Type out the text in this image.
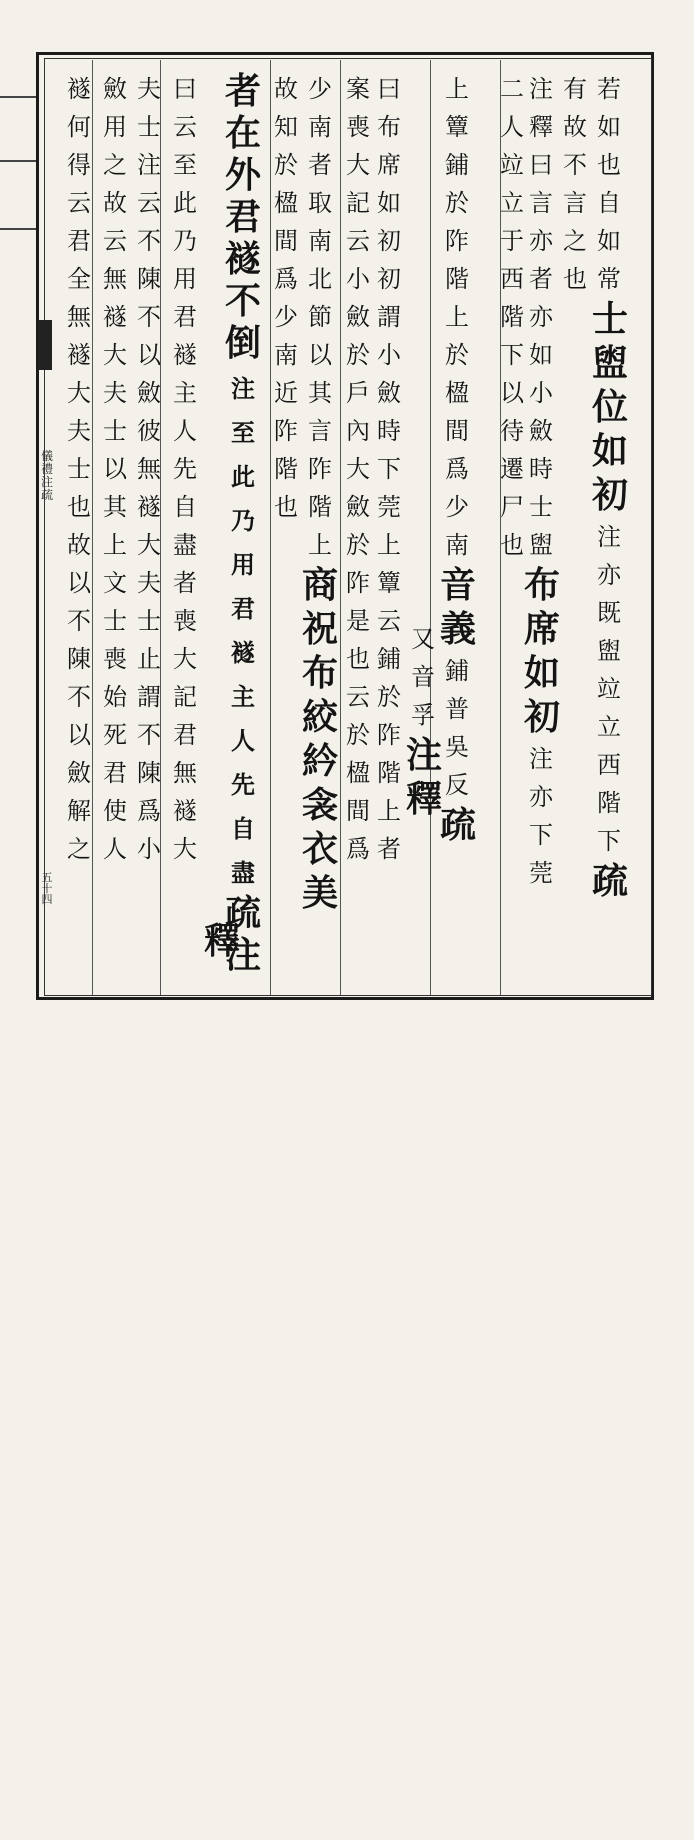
儀禮注疏
五十四
若如也自如常 士盥位如初 注亦既盥竝立西階下 疏
有故不言之也
注釋曰言亦者亦如小斂時士盥 布席如初 注亦下莞
二人竝立于西階下以待遷尸也
上簟鋪於阼階上於楹間爲少南 音義 鋪普吳反 疏
又音孚 注釋
曰布席如初初謂小斂時下莞上簟云鋪於阼階上者
案喪大記云小斂於戶內大斂於阼是也云於楹間爲
少南者取南北節以其言阼階上 商祝布絞紟衾衣美
故知於楹間爲少南近阼階也
者在外君襚不倒 注至此乃用君襚主人先自盡 疏注
釋
曰云至此乃用君襚主人先自盡者喪大記君無襚大
夫士注云不陳不以斂彼無襚大夫士止謂不陳爲小
斂用之故云無襚大夫士以其上文士喪始死君使人
襚何得云君全無襚大夫士也故以不陳不以斂解之
